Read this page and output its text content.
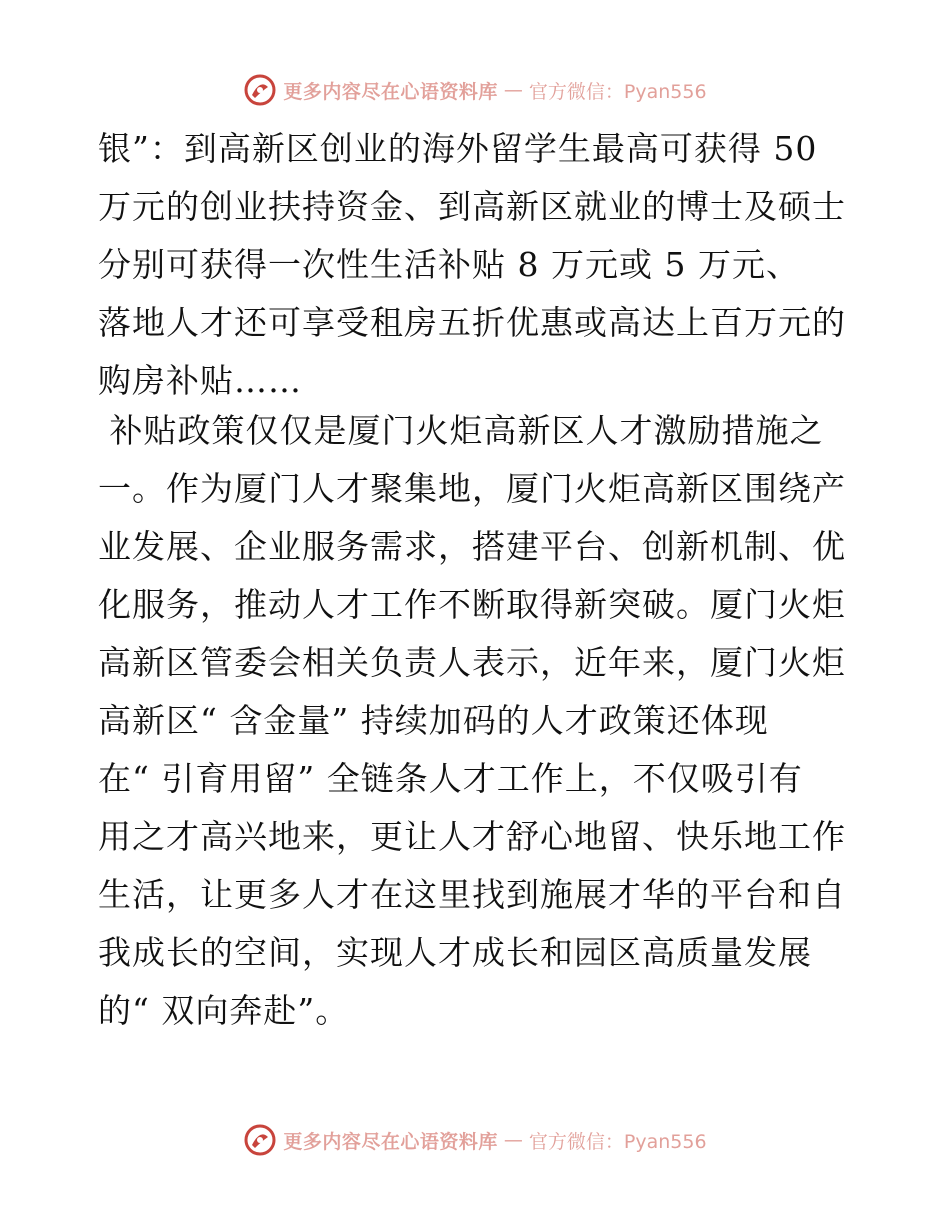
更多内容尽在心语资料库 — 官方微信：Pyan556
银”：到高新区创业的海外留学生最高可获得 50
万元的创业扶持资金、到高新区就业的博士及硕士
分别可获得一次性生活补贴 8 万元或 5 万元、
落地人才还可享受租房五折优惠或高达上百万元的
购房补贴……
补贴政策仅仅是厦门火炬高新区人才激励措施之
一。作为厦门人才聚集地，厦门火炬高新区围绕产
业发展、企业服务需求，搭建平台、创新机制、优
化服务，推动人才工作不断取得新突破。厦门火炬
高新区管委会相关负责人表示，近年来，厦门火炬
高新区“ 含金量” 持续加码的人才政策还体现
在“ 引育用留” 全链条人才工作上，不仅吸引有
用之才高兴地来，更让人才舒心地留、快乐地工作
生活，让更多人才在这里找到施展才华的平台和自
我成长的空间，实现人才成长和园区高质量发展
的“ 双向奔赴”。
更多内容尽在心语资料库 — 官方微信：Pyan556
